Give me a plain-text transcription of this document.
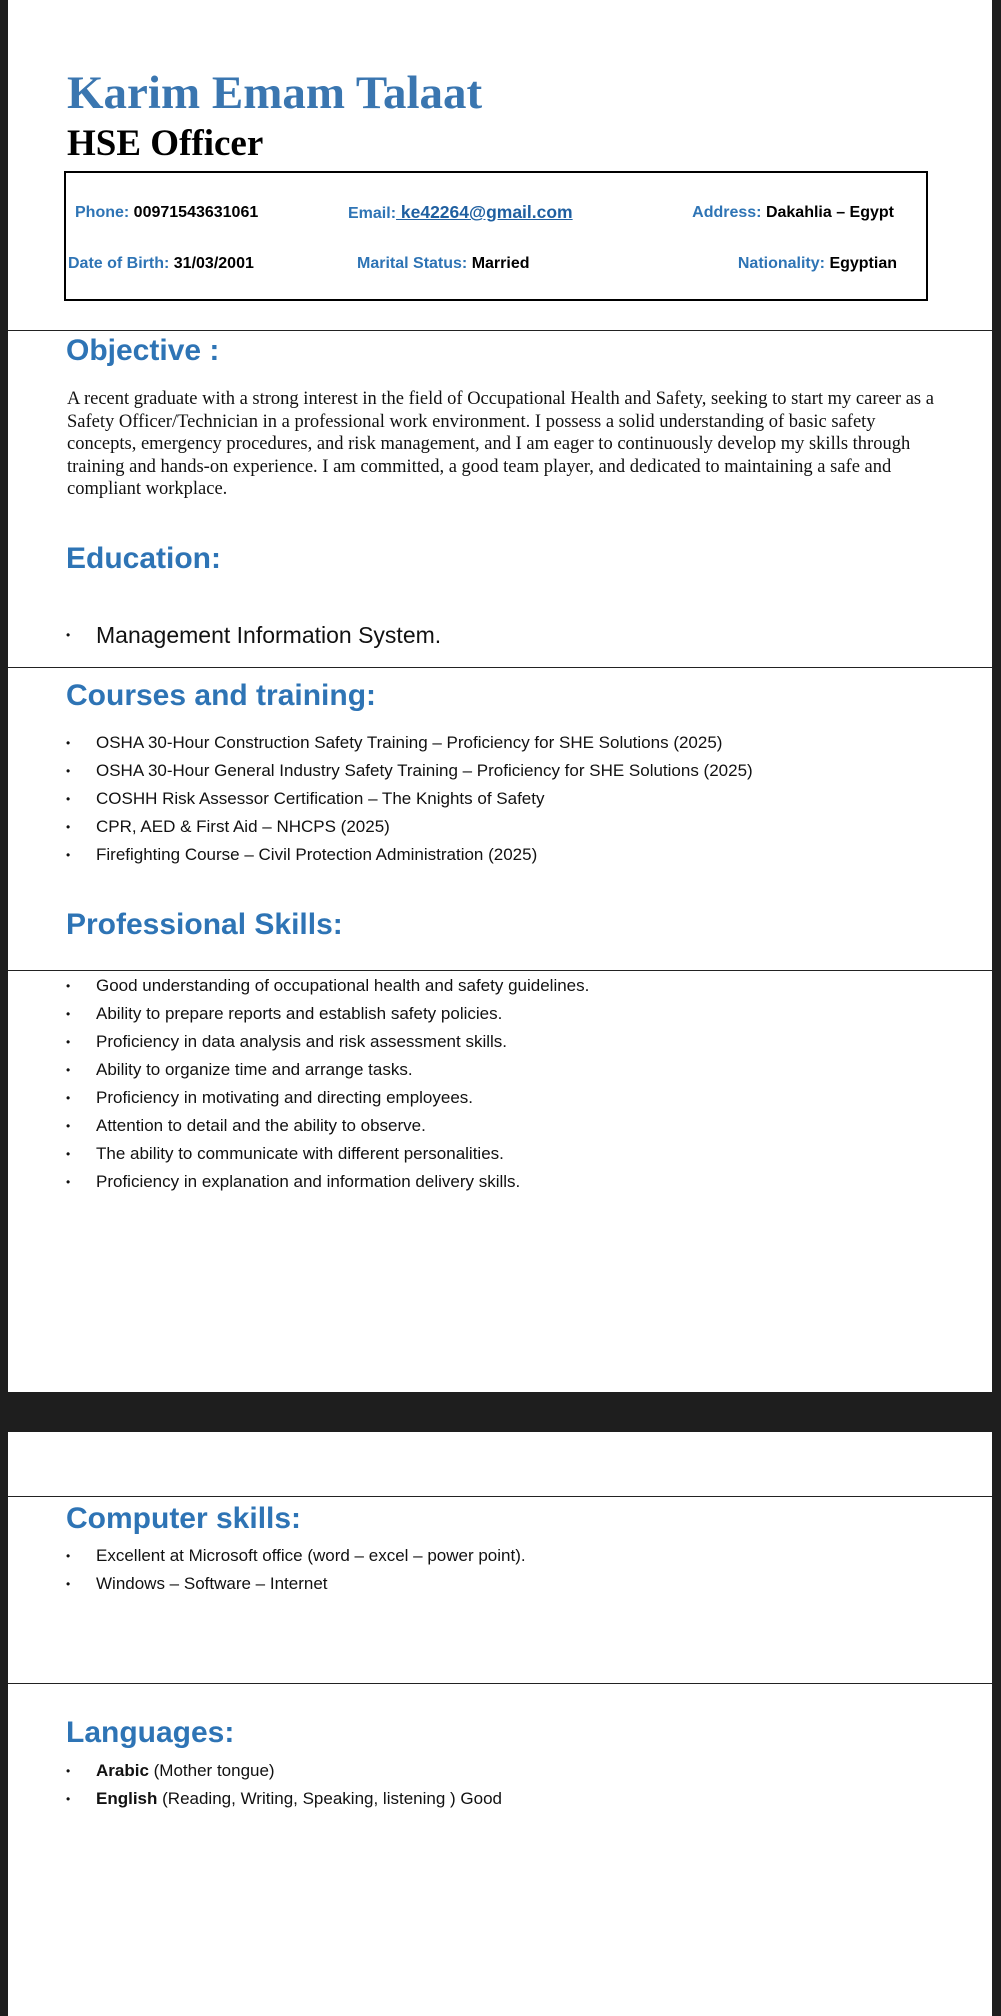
Karim Emam Talaat
HSE Officer
Phone: 00971543631061	Email: ke42264@gmail.com	Address: Dakahlia – Egypt
Date of Birth: 31/03/2001	Marital Status: Married	Nationality: Egyptian
Objective :
A recent graduate with a strong interest in the field of Occupational Health and Safety, seeking to start my career as a Safety Officer/Technician in a professional work environment. I possess a solid understanding of basic safety concepts, emergency procedures, and risk management, and I am eager to continuously develop my skills through training and hands-on experience. I am committed, a good team player, and dedicated to maintaining a safe and compliant workplace.
Education:
• Management Information System.
Courses and training:
• OSHA 30-Hour Construction Safety Training – Proficiency for SHE Solutions (2025)
• OSHA 30-Hour General Industry Safety Training – Proficiency for SHE Solutions (2025)
• COSHH Risk Assessor Certification – The Knights of Safety
• CPR, AED & First Aid – NHCPS (2025)
• Firefighting Course – Civil Protection Administration (2025)
Professional Skills:
• Good understanding of occupational health and safety guidelines.
• Ability to prepare reports and establish safety policies.
• Proficiency in data analysis and risk assessment skills.
• Ability to organize time and arrange tasks.
• Proficiency in motivating and directing employees.
• Attention to detail and the ability to observe.
• The ability to communicate with different personalities.
• Proficiency in explanation and information delivery skills.
Computer skills:
• Excellent at Microsoft office (word – excel – power point).
• Windows – Software – Internet
Languages:
• Arabic (Mother tongue)
• English (Reading, Writing, Speaking, listening ) Good
